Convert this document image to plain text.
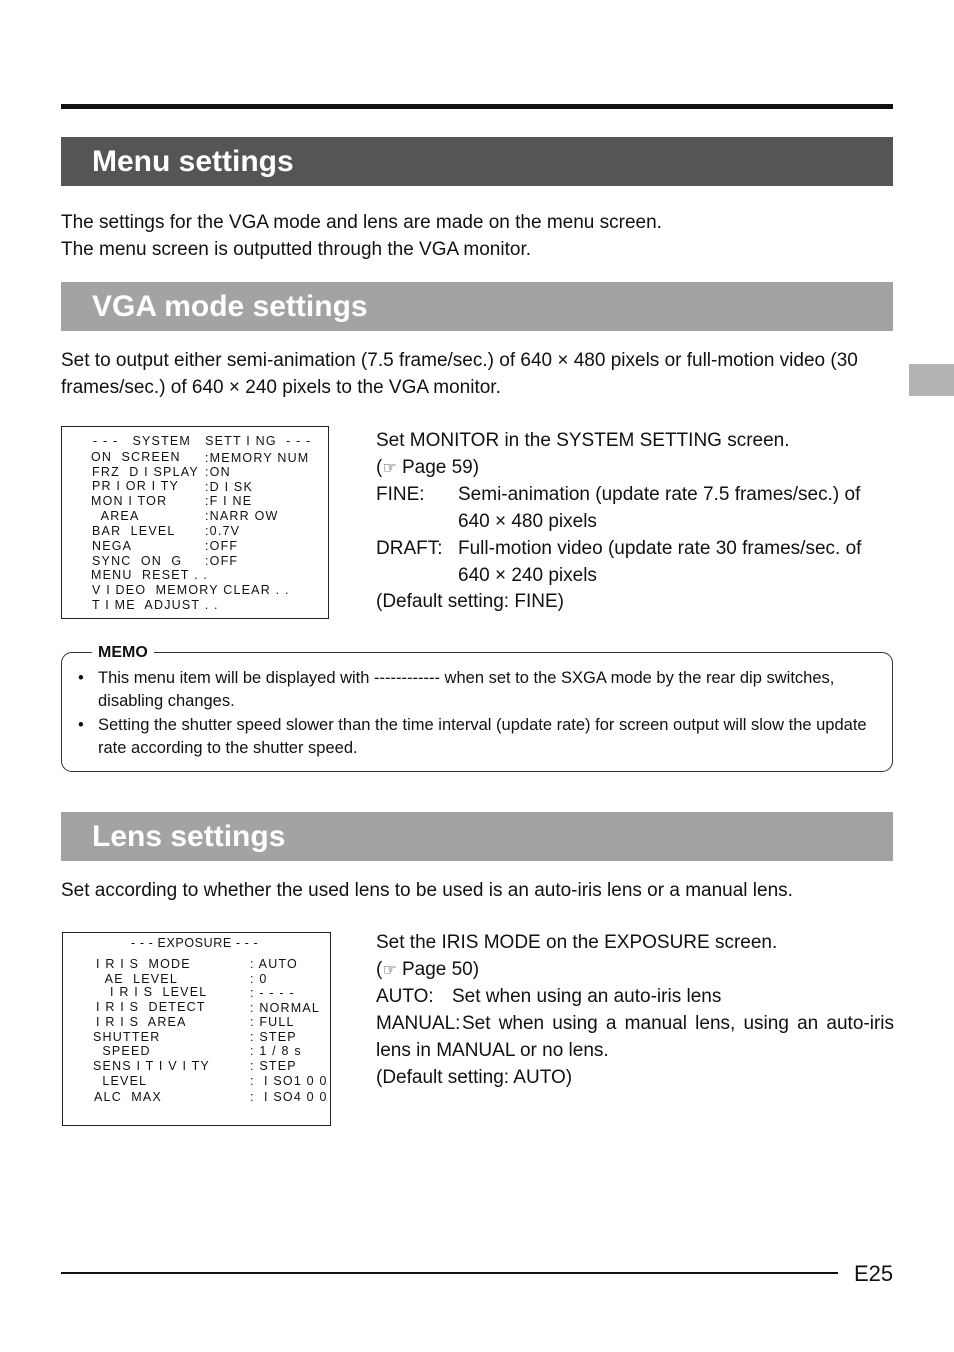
Menu settings
The settings for the VGA mode and lens are made on the menu screen.
The menu screen is outputted through the VGA monitor.
VGA mode settings
Set to output either semi-animation (7.5 frame/sec.) of 640 × 480 pixels or full-motion video (30
frames/sec.) of 640 × 240 pixels to the VGA monitor.
- - -   SYSTEM   SETT I NG  - - -
ON  SCREEN :MEMORY NUM
FRZ  D I SPLAY :ON
PR I OR I TY :D I SK
MON I TOR	:F I NE
AREA	:NARR OW
BAR  LEVEL :0.7V
NEGA	:OFF
SYNC  ON  G :OFF
MENU  RESET . .
V I DEO  MEMORY CLEAR . .
T I ME  ADJUST . .
Set MONITOR in the SYSTEM SETTING screen.
(☞ Page 59)
FINE:	Semi-animation (update rate 7.5 frames/sec.) of 640 × 480 pixels
DRAFT: Full-motion video (update rate 30 frames/sec. of 640 × 240 pixels
(Default setting: FINE)
MEMO
• This menu item will be displayed with ------------ when set to the SXGA mode by the rear dip switches, disabling changes.
• Setting the shutter speed slower than the time interval (update rate) for screen output will slow the update rate according to the shutter speed.
Lens settings
Set according to whether the used lens to be used is an auto-iris lens or a manual lens.
- - - EXPOSURE - - -
I R I S  MODE	: AUTO
AE  LEVEL	: 0
I R I S  LEVEL	: - - - -
I R I S  DETECT	: NORMAL
I R I S  AREA	: FULL
SHUTTER	: STEP
SPEED	: 1 / 8 s
SENS I T I V I TY	: STEP
LEVEL	:  I SO1 0 0
ALC  MAX	:  I SO4 0 0
Set the IRIS MODE on the EXPOSURE screen.
(☞ Page 50)
AUTO: Set when using an auto-iris lens
MANUAL:Set when using a manual lens, using an auto-iris lens in MANUAL or no lens.
(Default setting: AUTO)
E25
